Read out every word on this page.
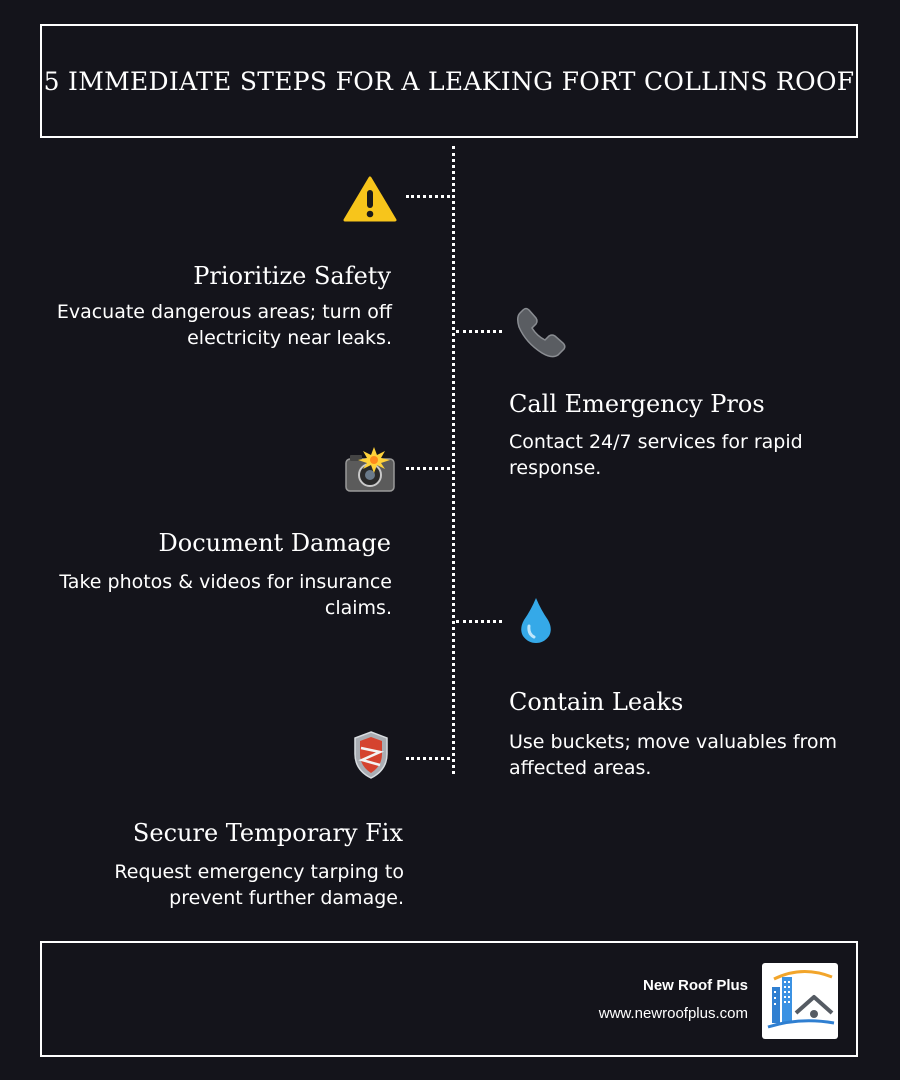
5 IMMEDIATE STEPS FOR A LEAKING FORT COLLINS ROOF
Prioritize Safety

Evacuate dangerous areas; turn off electricity near leaks.

Call Emergency Pros

Contact 24/7 services for rapid response.

Document Damage

Take photos & videos for insurance claims.

Contain Leaks

Use buckets; move valuables from affected areas.

Secure Temporary Fix

Request emergency tarping to prevent further damage.

New Roof Plus
www.newroofplus.com
